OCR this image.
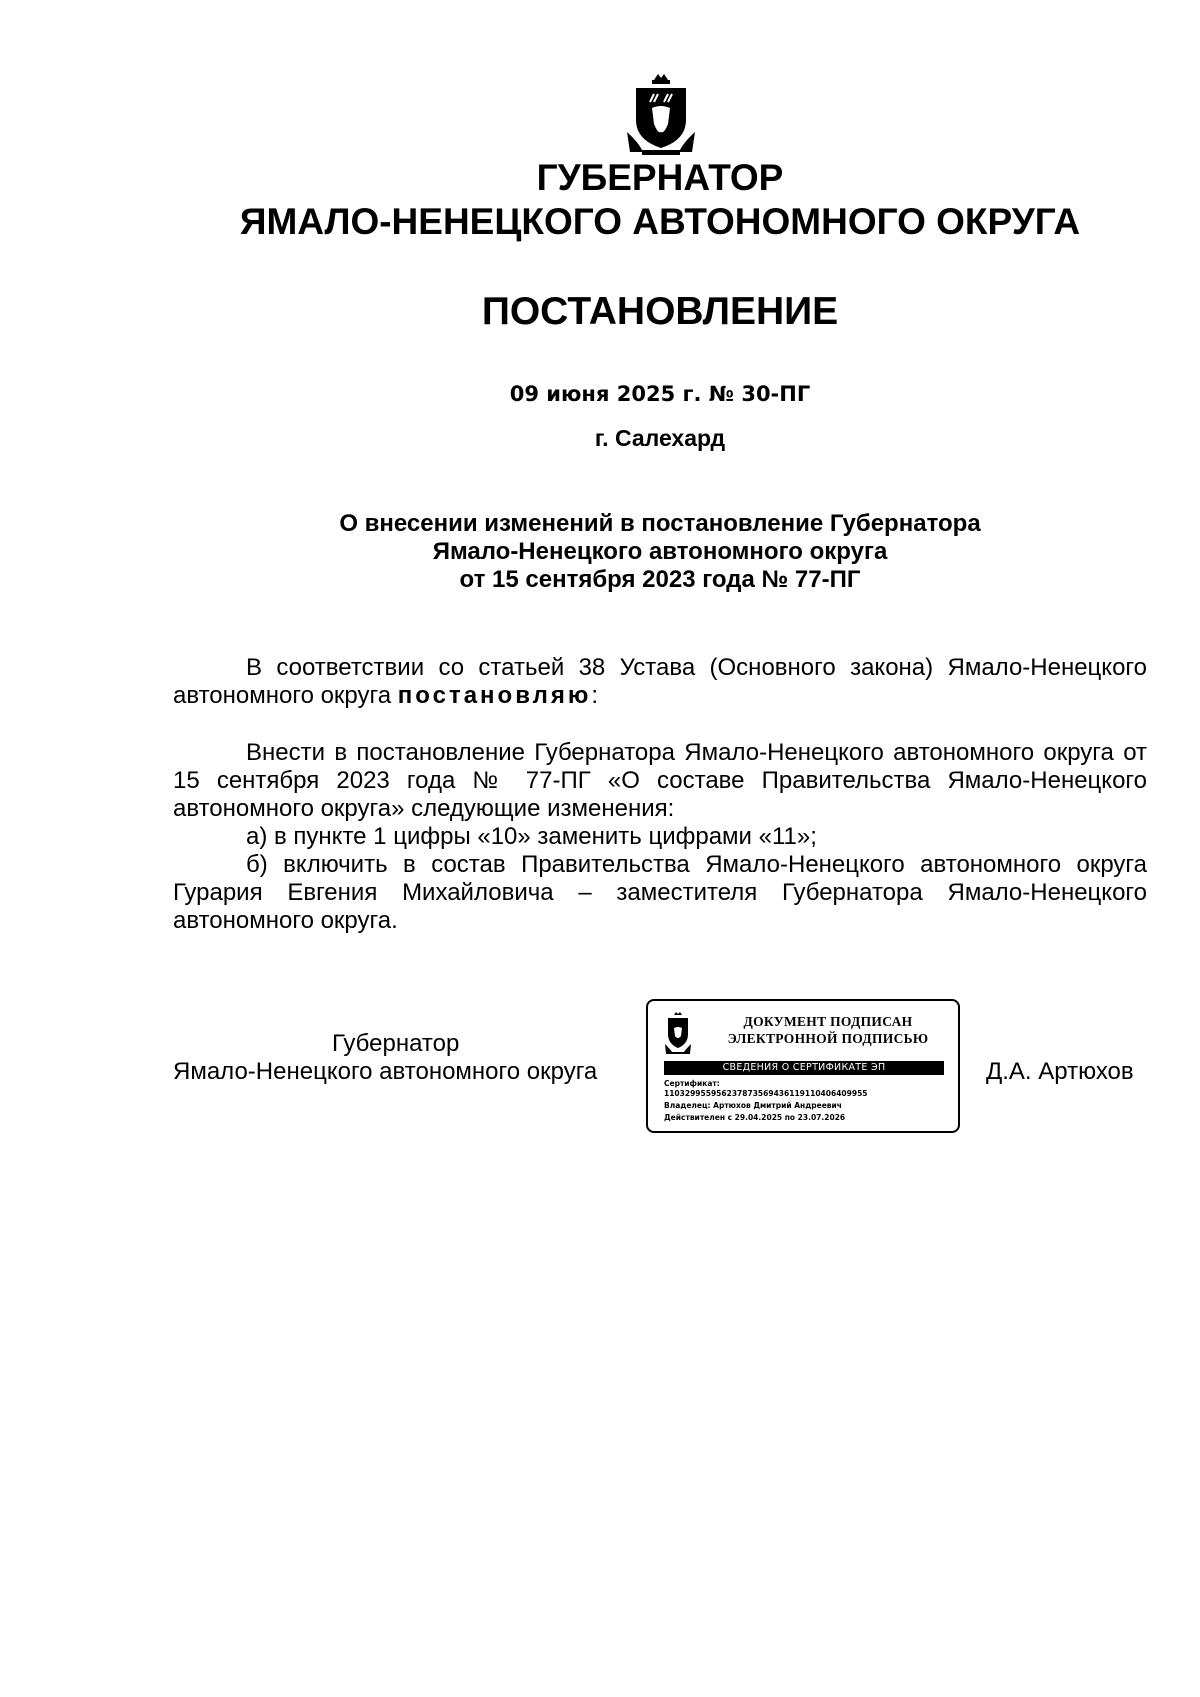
ГУБЕРНАТОР
ЯМАЛО-НЕНЕЦКОГО АВТОНОМНОГО ОКРУГА
ПОСТАНОВЛЕНИЕ
09 июня 2025 г. № 30-ПГ
г. Салехард
О внесении изменений в постановление Губернатора
Ямало-Ненецкого автономного округа
от 15 сентября 2023 года № 77-ПГ
В соответствии со статьей 38 Устава (Основного закона) Ямало-Ненецкого автономного округа постановляю:
Внести в постановление Губернатора Ямало-Ненецкого автономного округа от 15 сентября 2023 года № 77-ПГ «О составе Правительства Ямало-Ненецкого автономного округа» следующие изменения:
а) в пункте 1 цифры «10» заменить цифрами «11»;
б) включить в состав Правительства Ямало-Ненецкого автономного округа Гурария Евгения Михайловича – заместителя Губернатора Ямало-Ненецкого автономного округа.
Губернатор
Ямало-Ненецкого автономного округа	Д.А. Артюхов
ДОКУМЕНТ ПОДПИСАН
ЭЛЕКТРОННОЙ ПОДПИСЬЮ
СВЕДЕНИЯ О СЕРТИФИКАТЕ ЭП
Сертификат:
110329955956237873569436119110406409955
Владелец: Артюхов Дмитрий Андреевич
Действителен с 29.04.2025 по 23.07.2026
